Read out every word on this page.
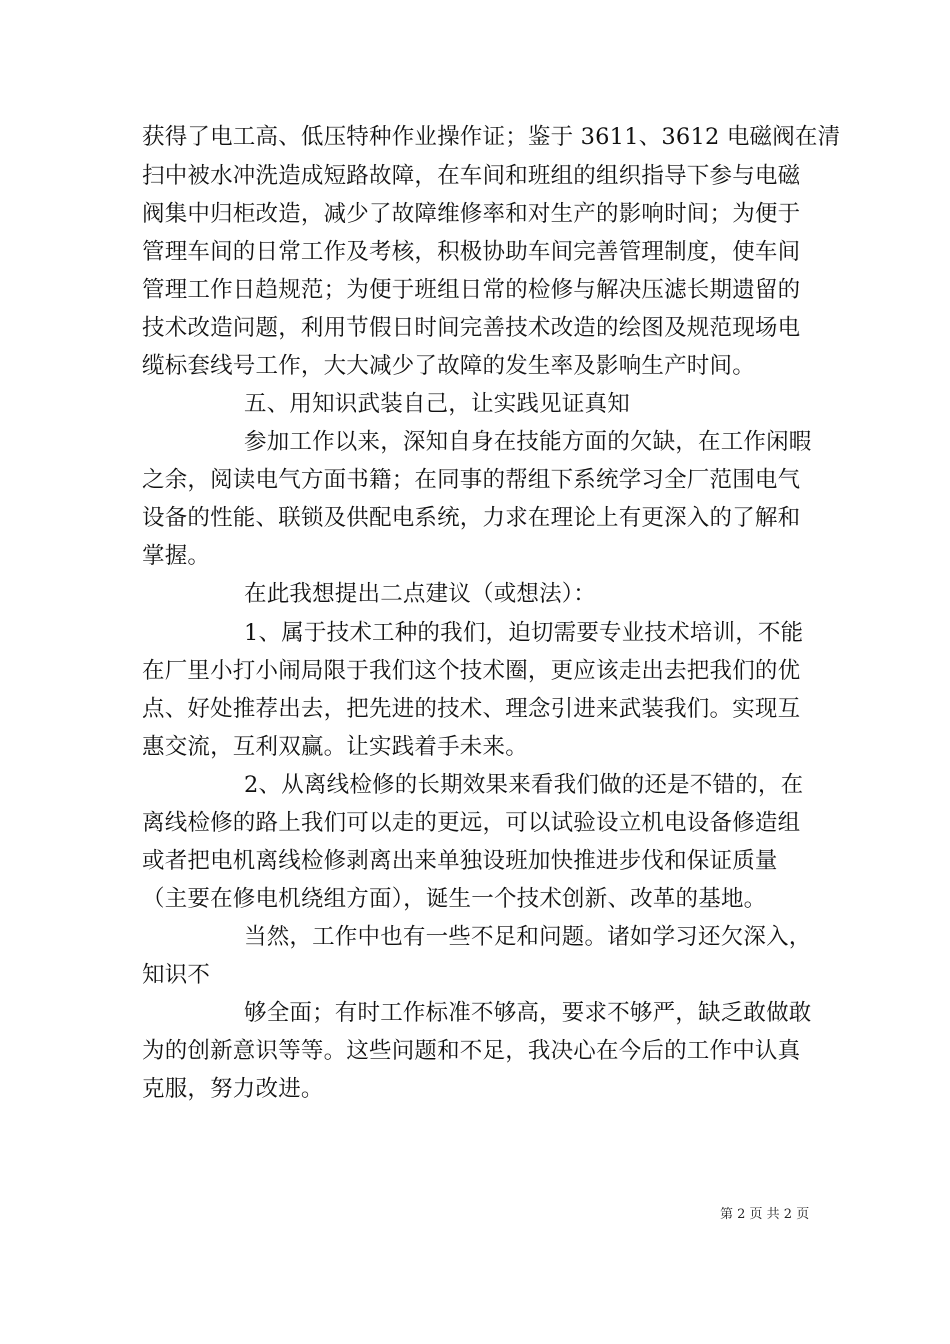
获得了电工高、低压特种作业操作证；鉴于 3611、3612 电磁阀在清
扫中被水冲洗造成短路故障，在车间和班组的组织指导下参与电磁
阀集中归柜改造，减少了故障维修率和对生产的影响时间；为便于
管理车间的日常工作及考核，积极协助车间完善管理制度，使车间
管理工作日趋规范；为便于班组日常的检修与解决压滤长期遗留的
技术改造问题，利用节假日时间完善技术改造的绘图及规范现场电
缆标套线号工作，大大减少了故障的发生率及影响生产时间。
五、用知识武装自己，让实践见证真知
参加工作以来，深知自身在技能方面的欠缺，在工作闲暇
之余，阅读电气方面书籍；在同事的帮组下系统学习全厂范围电气
设备的性能、联锁及供配电系统，力求在理论上有更深入的了解和
掌握。
在此我想提出二点建议（或想法）：
1、属于技术工种的我们，迫切需要专业技术培训，不能
在厂里小打小闹局限于我们这个技术圈，更应该走出去把我们的优
点、好处推荐出去，把先进的技术、理念引进来武装我们。实现互
惠交流，互利双赢。让实践着手未来。
2、从离线检修的长期效果来看我们做的还是不错的，在
离线检修的路上我们可以走的更远，可以试验设立机电设备修造组
或者把电机离线检修剥离出来单独设班加快推进步伐和保证质量
（主要在修电机绕组方面），诞生一个技术创新、改革的基地。
当然，工作中也有一些不足和问题。诸如学习还欠深入，
知识不
够全面；有时工作标准不够高，要求不够严，缺乏敢做敢
为的创新意识等等。这些问题和不足，我决心在今后的工作中认真
克服，努力改进。
第 2 页 共 2 页
